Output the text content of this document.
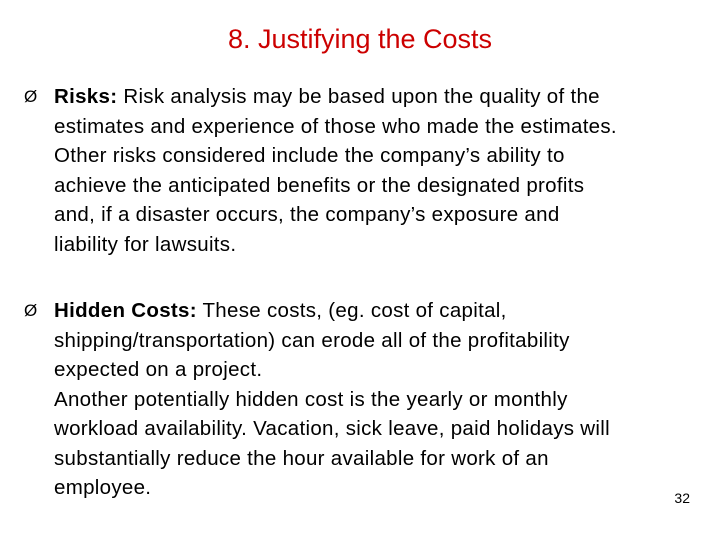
8. Justifying the Costs
Ø Risks: Risk analysis may be based upon the quality of the
estimates and experience of those who made the estimates.
Other risks considered include the company’s ability to
achieve the anticipated benefits or the designated profits
and, if a disaster occurs, the company’s exposure and
liability for lawsuits.
Ø Hidden Costs: These costs, (eg. cost of capital,
shipping/transportation) can erode all of the profitability
expected on a project.
Another potentially hidden cost is the yearly or monthly
workload availability. Vacation, sick leave, paid holidays will
substantially reduce the hour available for work of an
employee.	32
